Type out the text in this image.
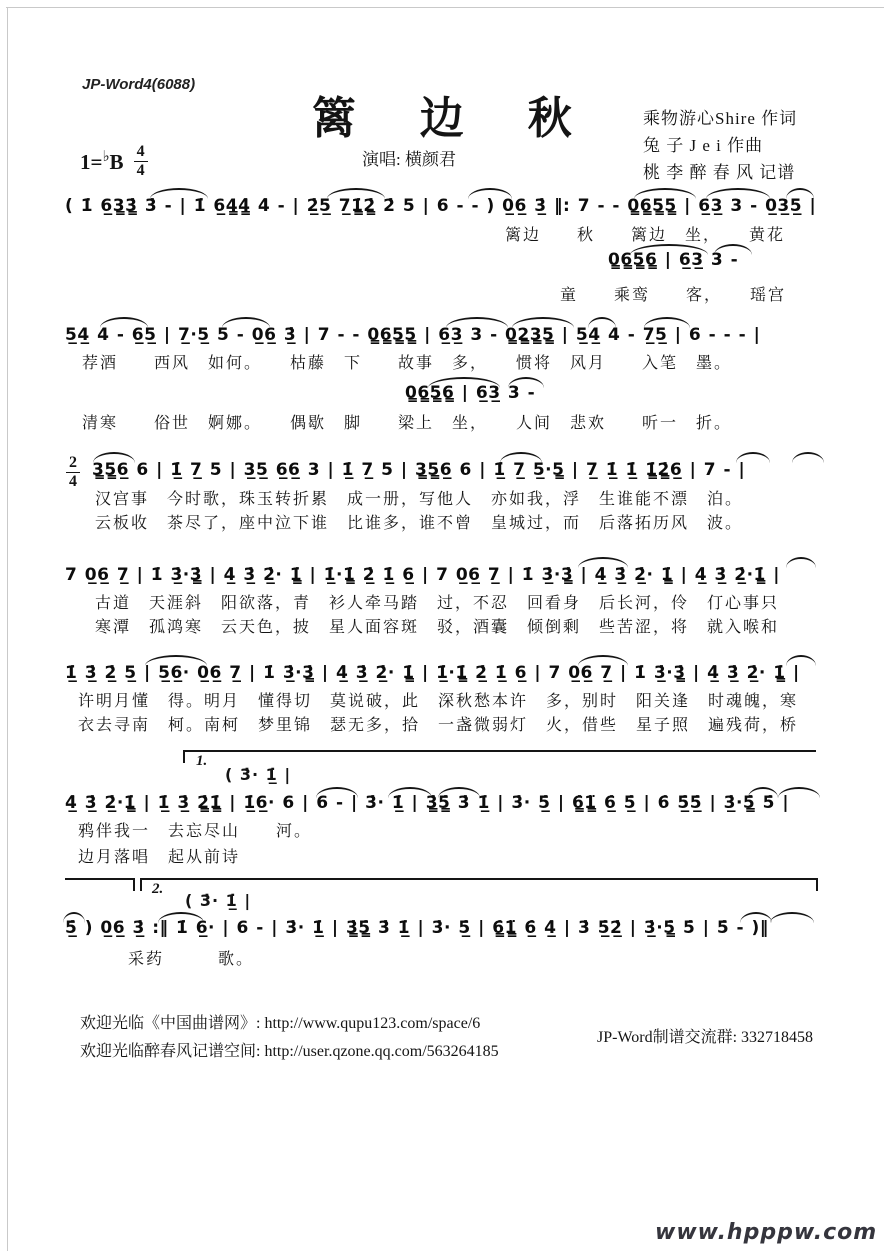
JP-Word4(6088)
篱　边　秋	乘物游心Shire 作词
兔 子 J e i 作曲
桃 李 醉 春 风 记谱
$1=^♭B \frac{4}{4}$	演唱: 横颜君
( 1̇ 6̲3̳3̳̇ 3̇ - | 1̇ 6̲4̳4̳̇ 4̇ - | 2̲̇5̲ 7̲1̳̇2̳̇ 2̇ 5 | 6 - - ) 0̲6̲ 3̲̇ ‖: 7 - - 0̳6̳5̳5̳ | 6̲3̲ 3 - 0̲3̲5̲ |
篱边　　秋　　篱边　坐，　　黄花
0̳6̳5̳6̳ | 6̲3̲ 3 -
童　　乘鸾　　客，　　瑶宫
5̲4̲ 4 - 6̲5̲ | 7̲·5̲ 5 - 0̲6̲ 3̲̇ | 7 - - 0̳6̳5̳5̳ | 6̲3̲ 3 - 0̳2̳3̳5̳ | 5̲4̲ 4 - 7̲5̲ | 6 - - - |
荐酒　　西风　如何。　　枯藤　下　　故事　多，　　惯将　风月　　入笔　墨。
0̳6̳5̳6̳ | 6̲3̲ 3 -
清寒　　俗世　婀娜。　　偶歇　脚　　梁上　坐，　　人间　悲欢　　听一　折。
$\frac{2}{4}$ 3̳5̳6̲ 6 | 1̲̇ 7̲ 5 | 3̲5̲ 6̲6̲ 3 | 1̲̇ 7̲ 5 | 3̳5̳6̲ 6 | 1̲̇ 7̲ 5̲·5̳ | 7̲ 1̲̇ 1̲̇ 1̳̇2̳̇6̲ | 7 - |
汉宫事　今时歌，珠玉转折累　成一册，写他人　亦如我，浮　生谁能不漂　泊。
云板收　茶尽了，座中泣下谁　比谁多，谁不曾　皇城过，而　后落拓历风　波。
7 0̲6̲ 7̲ | 1̇ 3̲̇·3̳̇ | 4̲̇ 3̲̇ 2̲̇· 1̳̇ | 1̲̇·1̳̇ 2̲̇ 1̲̇ 6̲ | 7 0̲6̲ 7̲ | 1̇ 3̲̇·3̳̇ | 4̲̇ 3̲̇ 2̲̇· 1̳̇ | 4̲̇ 3̲̇ 2̲̇·1̳̇ |
古道　天涯斜　阳欲落，青　衫人牵马踏　过，不忍　回看身　后长河，伶　仃心事只
寒潭　孤鸿寒　云天色，披　星人面容斑　驳，酒囊　倾倒剩　些苦涩，将　就入喉和
1̲̇ 3̲̇ 2̲̇ 5̲ | 5̲6̲· 0̲6̲ 7̲ | 1̇ 3̲̇·3̳̇ | 4̲̇ 3̲̇ 2̲̇· 1̳̇ | 1̲̇·1̳̇ 2̲̇ 1̲̇ 6̲ | 7 0̲6̲ 7̲ | 1̇ 3̲̇·3̳̇ | 4̲̇ 3̲̇ 2̲̇· 1̳̇ |
许明月懂　得。明月　懂得切　莫说破，此　深秋愁本许　多，别时　阳关逢　时魂魄，寒
衣去寻南　柯。南柯　梦里锦　瑟无多，拾　一盏微弱灯　火，借些　星子照　遍残荷，桥
1.
( 3̇· 1̲̇ |
4̲̇ 3̲̇ 2̲̇·1̳̇ | 1̲̇ 3̲̇ 2̳̇1̳̇ | 1̲̇6̲· 6 | 6 - | 3̇· 1̲̇ | 3̳̇5̳̇ 3̇ 1̲̇ | 3̇· 5̲̇ | 6̳̇1̳̈ 6̲̇ 5̲̇ | 6̇ 5̲̇5̲̇ | 3̲̇·5̳̇ 5̇ |
鸦伴我一　去忘尽山　　河。
边月落唱　起从前诗
2.
( 3̇· 1̲̇ |
5̲̇ ) 0̲6̲ 3̲̇ :‖ 1̇ 6̲· | 6 - | 3̇· 1̲̇ | 3̳̇5̳̇ 3̇ 1̲̇ | 3̇· 5̲̇ | 6̳̇1̳̈ 6̲̇ 4̲̇ | 3̇ 5̲̇2̲̇ | 3̲̇·5̳̇ 5̇ | 5̇ - )‖
采药　　　歌。
欢迎光临《中国曲谱网》: http://www.qupu123.com/space/6
欢迎光临醉春风记谱空间: http://user.qzone.qq.com/563264185
JP-Word制谱交流群: 332718458
www.hpppw.com
